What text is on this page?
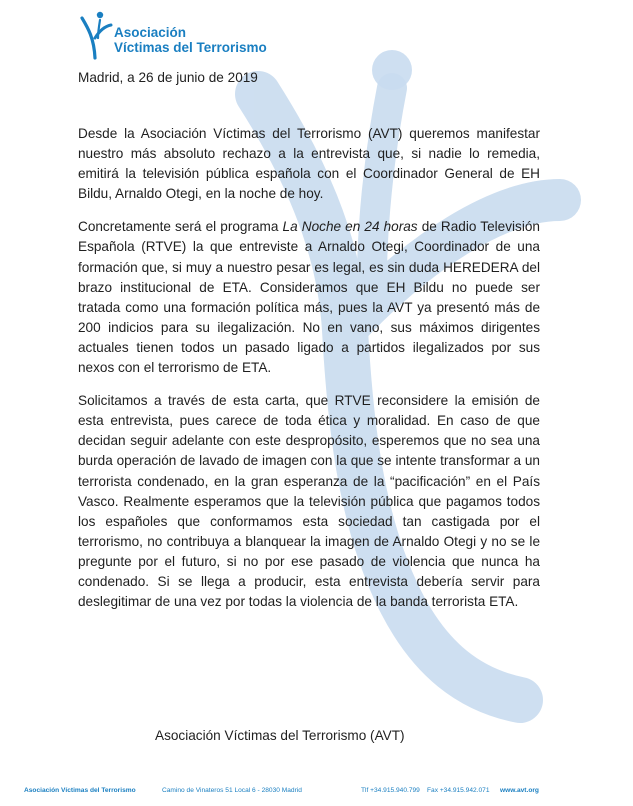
Asociación
Víctimas del Terrorismo
Madrid, a 26 de junio de 2019

Desde la Asociación Víctimas del Terrorismo (AVT) queremos manifestar nuestro más absoluto rechazo a la entrevista que, si nadie lo remedia, emitirá la televisión pública española con el Coordinador General de EH Bildu, Arnaldo Otegi, en la noche de hoy.

Concretamente será el programa La Noche en 24 horas de Radio Televisión Española (RTVE) la que entreviste a Arnaldo Otegi, Coordinador de una formación que, si muy a nuestro pesar es legal, es sin duda HEREDERA del brazo institucional de ETA. Consideramos que EH Bildu no puede ser tratada como una formación política más, pues la AVT ya presentó más de 200 indicios para su ilegalización. No en vano, sus máximos dirigentes actuales tienen todos un pasado ligado a partidos ilegalizados por sus nexos con el terrorismo de ETA.

Solicitamos a través de esta carta, que RTVE reconsidere la emisión de esta entrevista, pues carece de toda ética y moralidad. En caso de que decidan seguir adelante con este despropósito, esperemos que no sea una burda operación de lavado de imagen con la que se intente transformar a un terrorista condenado, en la gran esperanza de la “pacificación” en el País Vasco. Realmente esperamos que la televisión pública que pagamos todos los españoles que conformamos esta sociedad tan castigada por el terrorismo, no contribuya a blanquear la imagen de Arnaldo Otegi y no se le pregunte por el futuro, si no por ese pasado de violencia que nunca ha condenado. Si se llega a producir, esta entrevista debería servir para deslegitimar de una vez por todas la violencia de la banda terrorista ETA.

Asociación Víctimas del Terrorismo (AVT)
Asociación Víctimas del Terrorismo	Camino de Vinateros 51 Local 6 - 28030 Madrid	Tlf +34.915.940.799 Fax +34.915.942.071 www.avt.org
